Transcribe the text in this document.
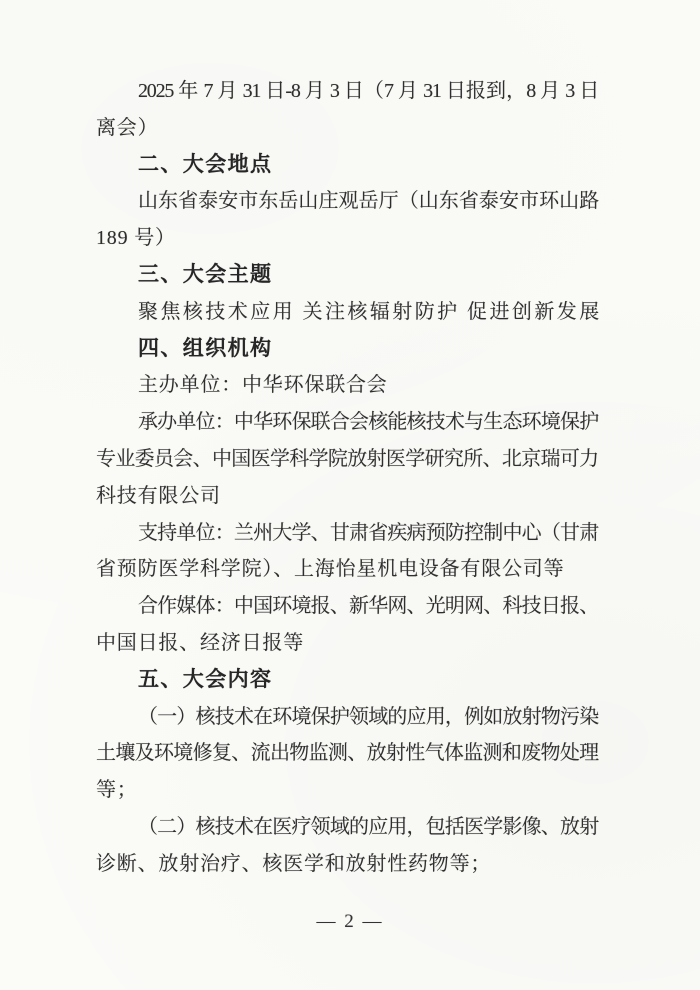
2025 年 7 月 31 日-8 月 3 日（7 月 31 日报到，8 月 3 日
离会）
二、大会地点
山东省泰安市东岳山庄观岳厅（山东省泰安市环山路
189 号）
三、大会主题
聚焦核技术应用 关注核辐射防护 促进创新发展
四、组织机构
主办单位：中华环保联合会
承办单位：中华环保联合会核能核技术与生态环境保护
专业委员会、中国医学科学院放射医学研究所、北京瑞可力
科技有限公司
支持单位：兰州大学、甘肃省疾病预防控制中心（甘肃
省预防医学科学院）、上海怡星机电设备有限公司等
合作媒体：中国环境报、新华网、光明网、科技日报、
中国日报、经济日报等
五、大会内容
（一）核技术在环境保护领域的应用，例如放射物污染
土壤及环境修复、流出物监测、放射性气体监测和废物处理
等；
（二）核技术在医疗领域的应用，包括医学影像、放射
诊断、放射治疗、核医学和放射性药物等；
— 2 —
